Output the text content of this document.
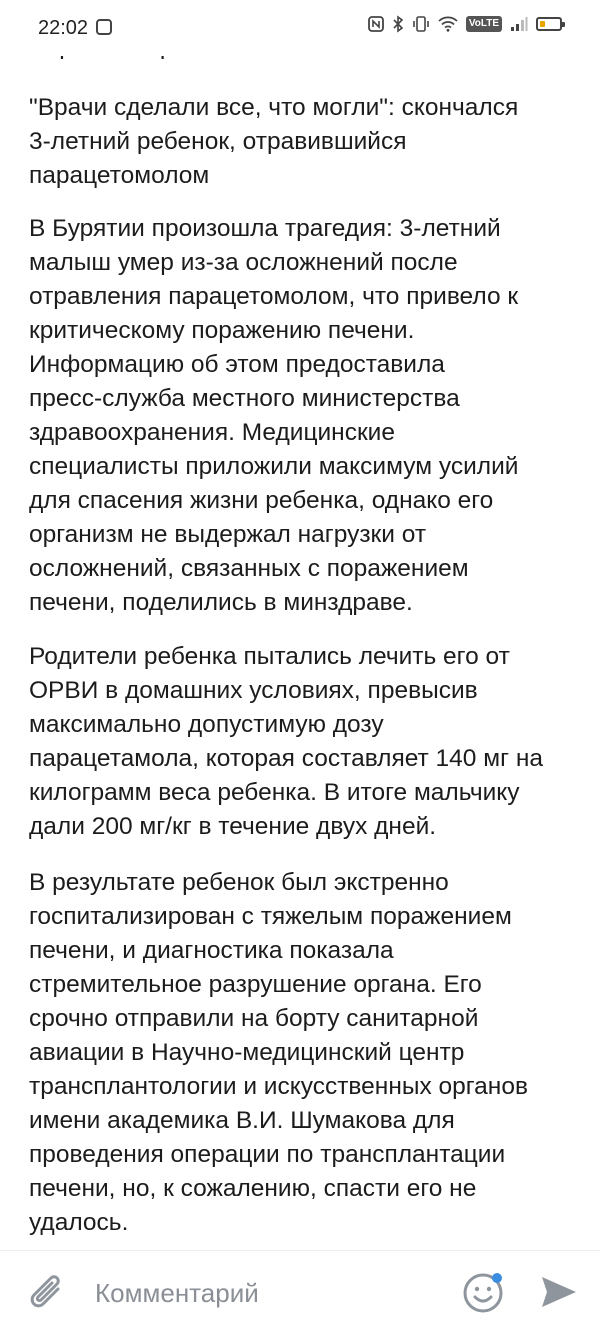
22:02	VoLTE

"Врачи сделали все, что могли": скончался
3-летний ребенок, отравившийся
парацетомолом

В Бурятии произошла трагедия: 3-летний
малыш умер из-за осложнений после
отравления парацетомолом, что привело к
критическому поражению печени.
Информацию об этом предоставила
пресс-служба местного министерства
здравоохранения. Медицинские
специалисты приложили максимум усилий
для спасения жизни ребенка, однако его
организм не выдержал нагрузки от
осложнений, связанных с поражением
печени, поделились в минздраве.

Родители ребенка пытались лечить его от
ОРВИ в домашних условиях, превысив
максимально допустимую дозу
парацетамола, которая составляет 140 мг на
килограмм веса ребенка. В итоге мальчику
дали 200 мг/кг в течение двух дней.

В результате ребенок был экстренно
госпитализирован с тяжелым поражением
печени, и диагностика показала
стремительное разрушение органа. Его
срочно отправили на борту санитарной
авиации в Научно-медицинский центр
трансплантологии и искусственных органов
имени академика В.И. Шумакова для
проведения операции по трансплантации
печени, но, к сожалению, спасти его не
удалось.

Комментарий
